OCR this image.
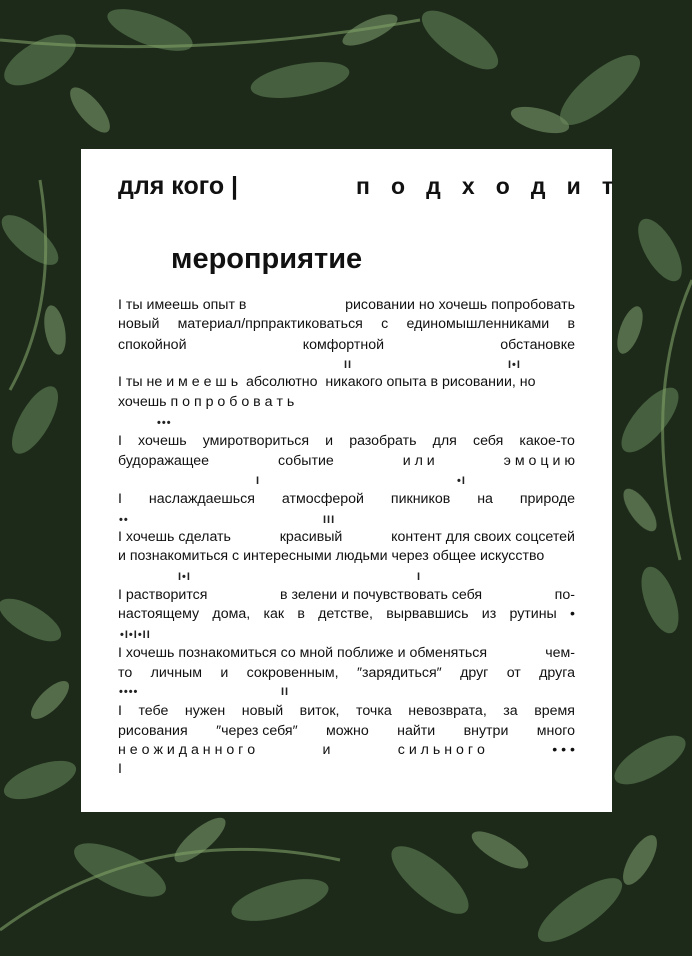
для кого |	п о д х о д и т
мероприятие
I ты имеешь опыт в	рисовании но хочешь попробовать
новый материал/прпрактиковаться с единомышленниками в
спокойной	комфортной	обстановке
I ты не и м е е ш ь  абсолютно  никакого опыта в рисовании, но
хочешь п о п р о б о в а т ь
I хочешь умиротвориться и разобрать для себя какое-то
будоражащее	событие	и л и	э м о ц и ю
I наслаждаешься атмосферой пикников на природе
I хочешь сделать	красивый	контент для своих соцсетей
и познакомиться с интересными людьми через общее искусство
I растворится	в зелени и почувствовать себя	по-
настоящему дома, как в детстве, вырвавшись из рутины •
I хочешь познакомиться со мной поближе и обменяться	чем-
то личным и сокровенным, ″зарядиться″ друг от друга
I тебе нужен новый виток, точка невозврата, за время
рисования ″через себя″ можно найти внутри много
н е о ж и д а н н о г о	и	с и л ь н о г о	• • •
I
II	I•I
•••
I	•I
••	III
I•I	I
•I•I•II
••••	II
